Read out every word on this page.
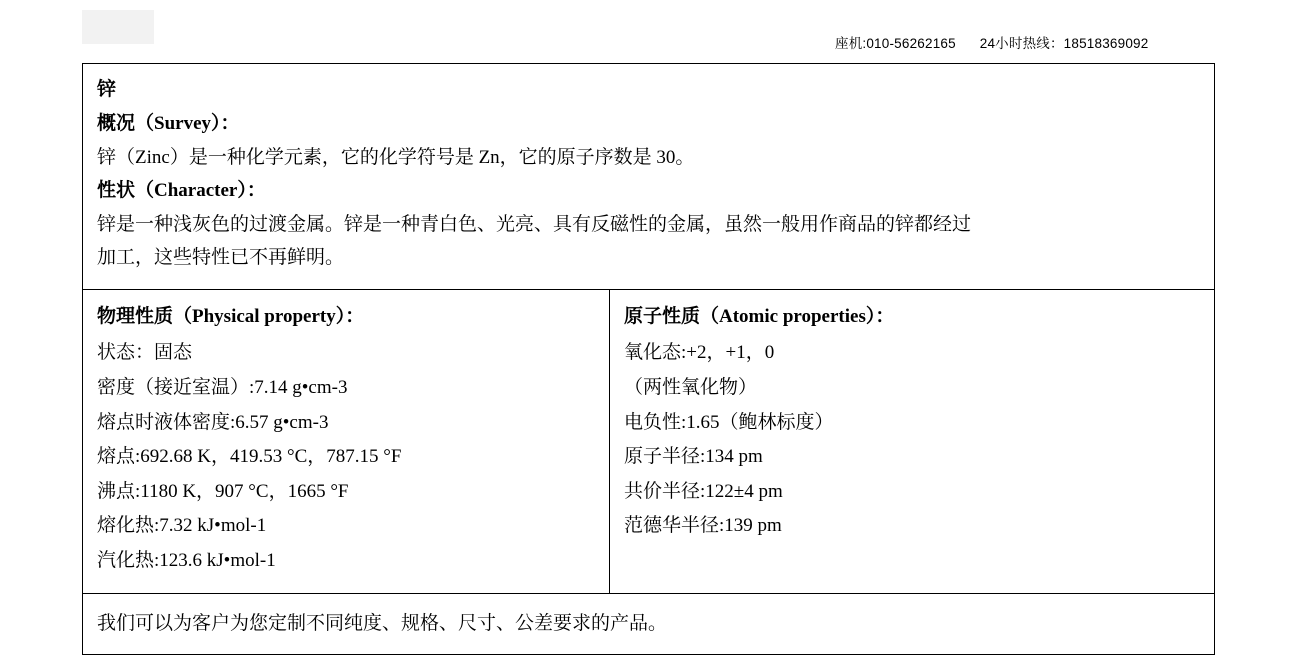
座机:010-56262165 24小时热线：18518369092

锌

概况（Survey）：

锌（Zinc）是一种化学元素，它的化学符号是 Zn，它的原子序数是 30。

性状（Character）：

锌是一种浅灰色的过渡金属。锌是一种青白色、光亮、具有反磁性的金属，虽然一般用作商品的锌都经过

加工，这些特性已不再鲜明。

物理性质（Physical property）：

状态：固态

密度（接近室温）:7.14 g•cm-3

熔点时液体密度:6.57 g•cm-3

熔点:692.68 K，419.53 °C，787.15 °F

沸点:1180 K，907 °C，1665 °F

熔化热:7.32 kJ•mol-1

汽化热:123.6 kJ•mol-1

原子性质（Atomic properties）：

氧化态:+2，+1，0

（两性氧化物）

电负性:1.65（鲍林标度）

原子半径:134 pm

共价半径:122±4 pm

范德华半径:139 pm

我们可以为客户为您定制不同纯度、规格、尺寸、公差要求的产品。
